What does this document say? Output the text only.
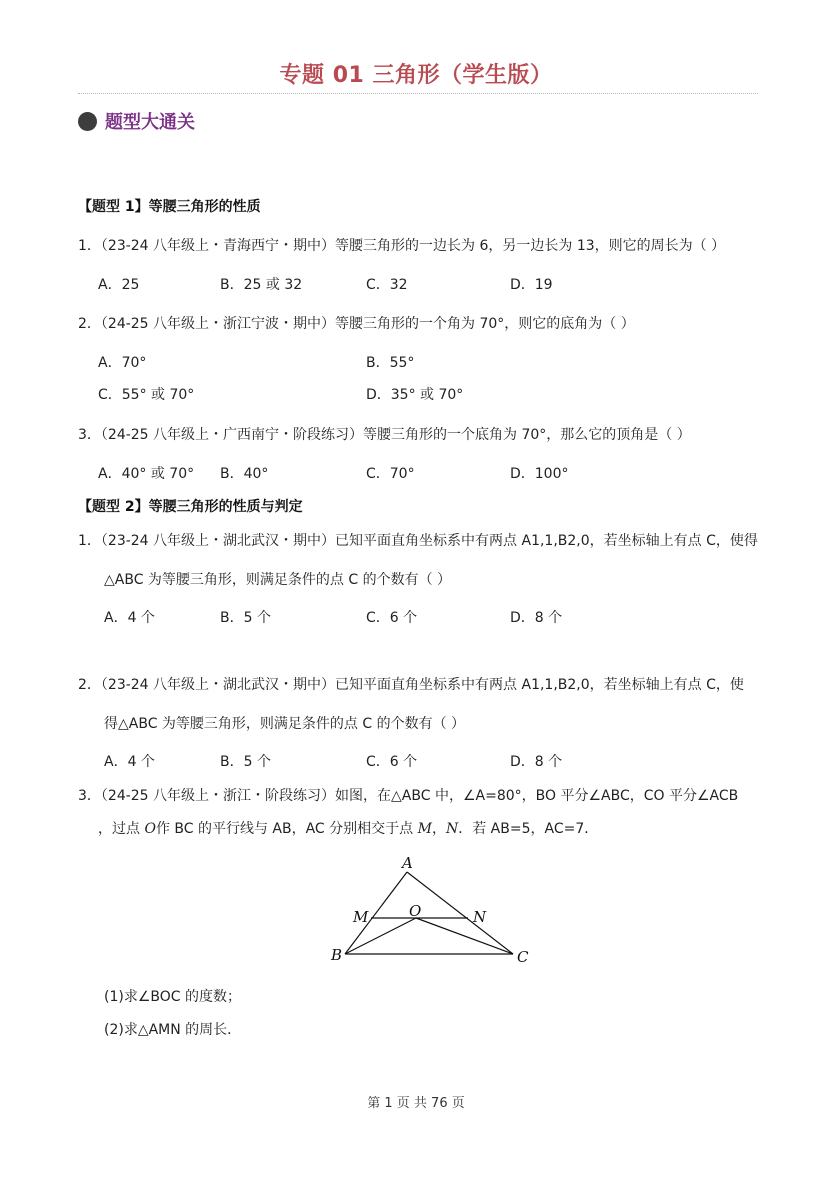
专题 01 三角形（学生版）
题型大通关
【题型 1】等腰三角形的性质
1．（23-24 八年级上・青海西宁・期中）等腰三角形的一边长为 6，另一边长为 13，则它的周长为（ ）
A．25	B．25 或 32	C．32	D．19
2．（24-25 八年级上・浙江宁波・期中）等腰三角形的一个角为 70°，则它的底角为（ ）
A．70°	B．55°
C．55° 或 70°	D．35° 或 70°
3．（24-25 八年级上・广西南宁・阶段练习）等腰三角形的一个底角为 70°，那么它的顶角是（ ）
A．40° 或 70° B．40°	C．70°	D．100°
【题型 2】等腰三角形的性质与判定
1．（23-24 八年级上・湖北武汉・期中）已知平面直角坐标系中有两点 A1,1,B2,0，若坐标轴上有点 C，使得
△ABC 为等腰三角形，则满足条件的点 C 的个数有（ ）
A．4 个	B．5 个	C．6 个	D．8 个
2．（23-24 八年级上・湖北武汉・期中）已知平面直角坐标系中有两点 A1,1,B2,0，若坐标轴上有点 C，使
得△ABC 为等腰三角形，则满足条件的点 C 的个数有（ ）
A．4 个	B．5 个	C．6 个	D．8 个
3．（24-25 八年级上・浙江・阶段练习）如图，在△ABC 中，∠A=80°，BO 平分∠ABC，CO 平分∠ACB
，过点 O作 BC 的平行线与 AB，AC 分别相交于点 M，N．若 AB=5，AC=7．
A
M	O	N
B	C
(1)求∠BOC 的度数；
(2)求△AMN 的周长．
第 1 页 共 76 页
